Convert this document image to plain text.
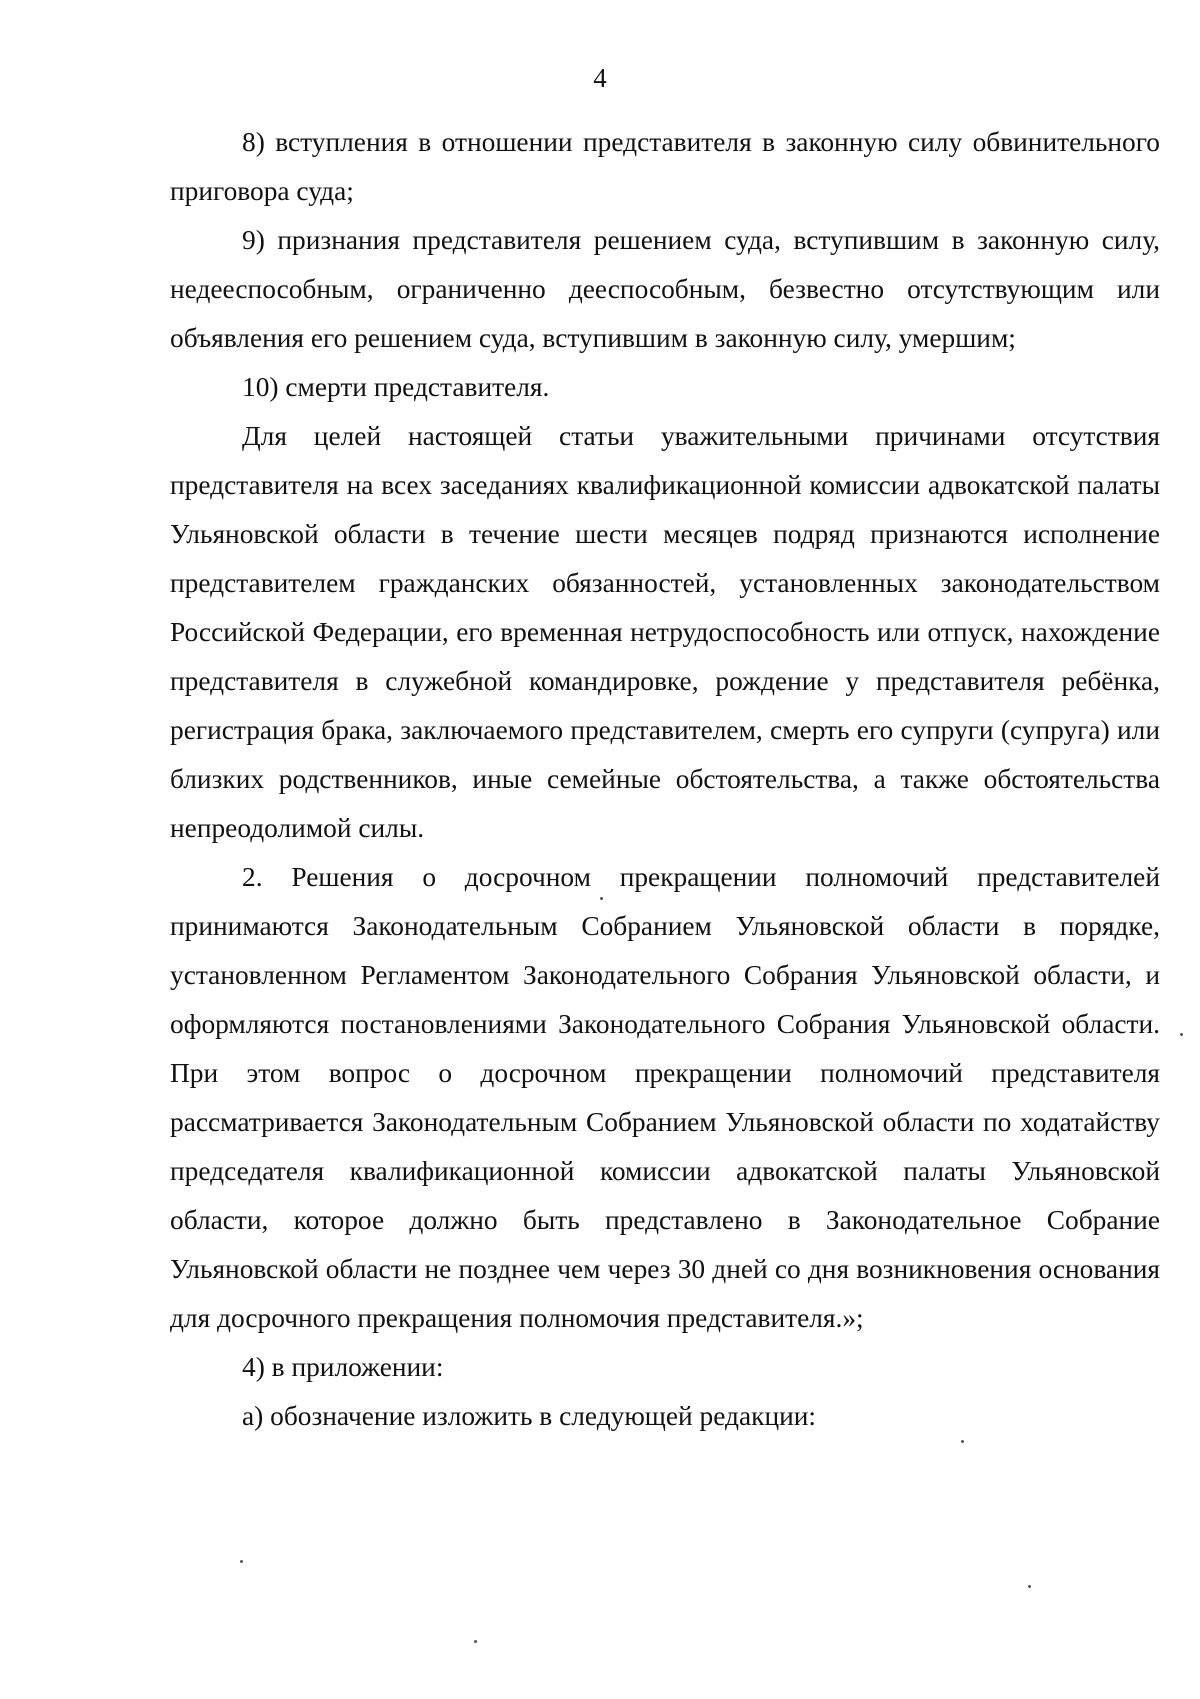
4

8) вступления в отношении представителя в законную силу обвинительного приговора суда;

9) признания представителя решением суда, вступившим в законную силу, недееспособным, ограниченно дееспособным, безвестно отсутствующим или объявления его решением суда, вступившим в законную силу, умершим;

10) смерти представителя.

Для целей настоящей статьи уважительными причинами отсутствия представителя на всех заседаниях квалификационной комиссии адвокатской палаты Ульяновской области в течение шести месяцев подряд признаются исполнение представителем гражданских обязанностей, установленных законодательством Российской Федерации, его временная нетрудоспособность или отпуск, нахождение представителя в служебной командировке, рождение у представителя ребёнка, регистрация брака, заключаемого представителем, смерть его супруги (супруга) или близких родственников, иные семейные обстоятельства, а также обстоятельства непреодолимой силы.

2. Решения о досрочном прекращении полномочий представителей принимаются Законодательным Собранием Ульяновской области в порядке, установленном Регламентом Законодательного Собрания Ульяновской области, и оформляются постановлениями Законодательного Собрания Ульяновской области. При этом вопрос о досрочном прекращении полномочий представителя рассматривается Законодательным Собранием Ульяновской области по ходатайству председателя квалификационной комиссии адвокатской палаты Ульяновской области, которое должно быть представлено в Законодательное Собрание Ульяновской области не позднее чем через 30 дней со дня возникновения основания для досрочного прекращения полномочия представителя.»;

4) в приложении:

а) обозначение изложить в следующей редакции:
